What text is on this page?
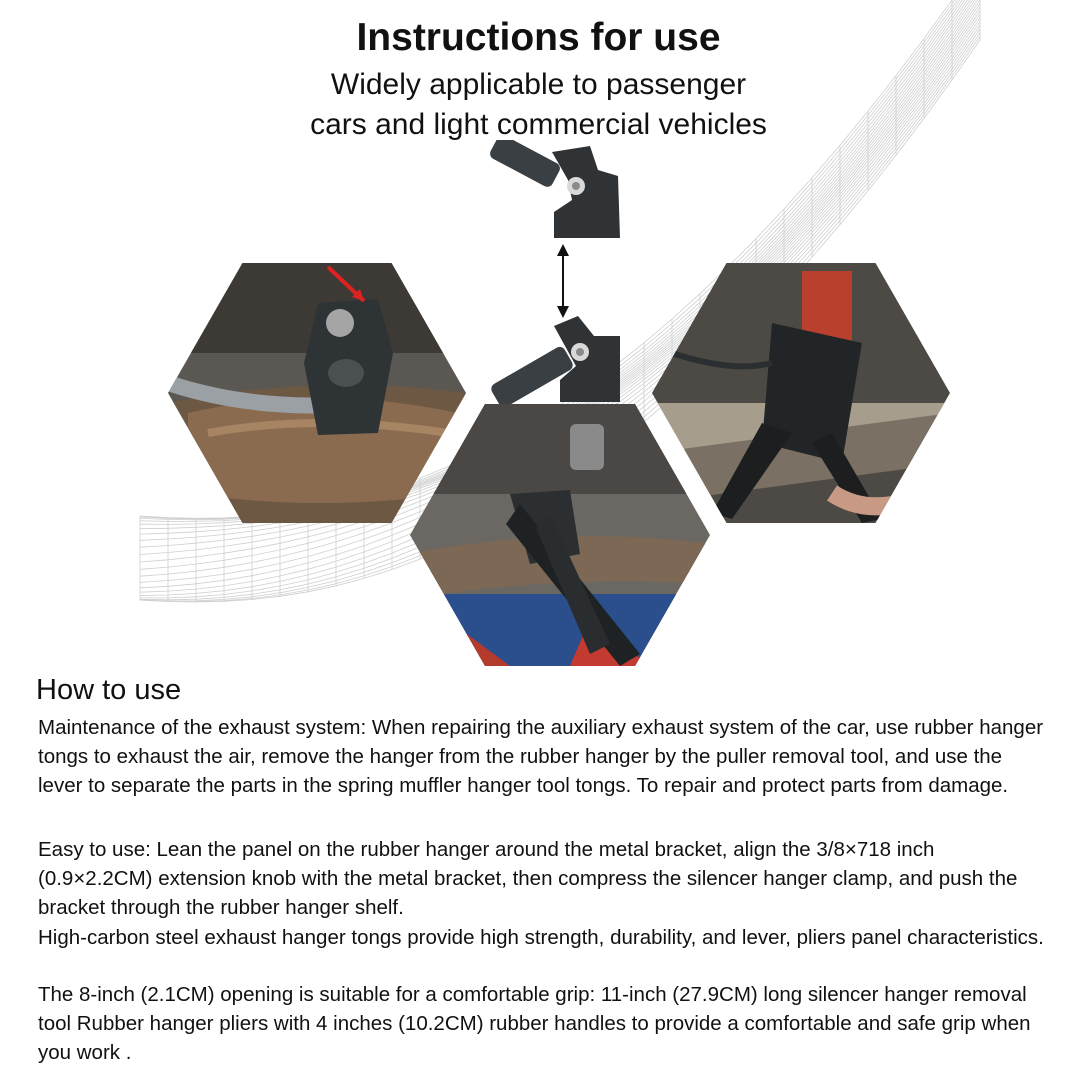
Instructions for use
Widely applicable to passenger
cars and light commercial vehicles
How to use

Maintenance of the exhaust system: When repairing the auxiliary exhaust system of the car, use rubber hanger tongs to exhaust the air, remove the hanger from the rubber hanger by the puller removal tool, and use the lever to separate the parts in the spring muffler hanger tool tongs. To repair and protect parts from damage.

Easy to use: Lean the panel on the rubber hanger around the metal bracket, align the 3/8×718 inch (0.9×2.2CM) extension knob with the metal bracket, then compress the silencer hanger clamp, and push the bracket through the rubber hanger shelf.

High-carbon steel exhaust hanger tongs provide high strength, durability, and lever, pliers panel characteristics.

The 8-inch (2.1CM) opening is suitable for a comfortable grip: 11-inch (27.9CM) long silencer hanger removal tool Rubber hanger pliers with 4 inches (10.2CM) rubber handles to provide a comfortable and safe grip when you work .
